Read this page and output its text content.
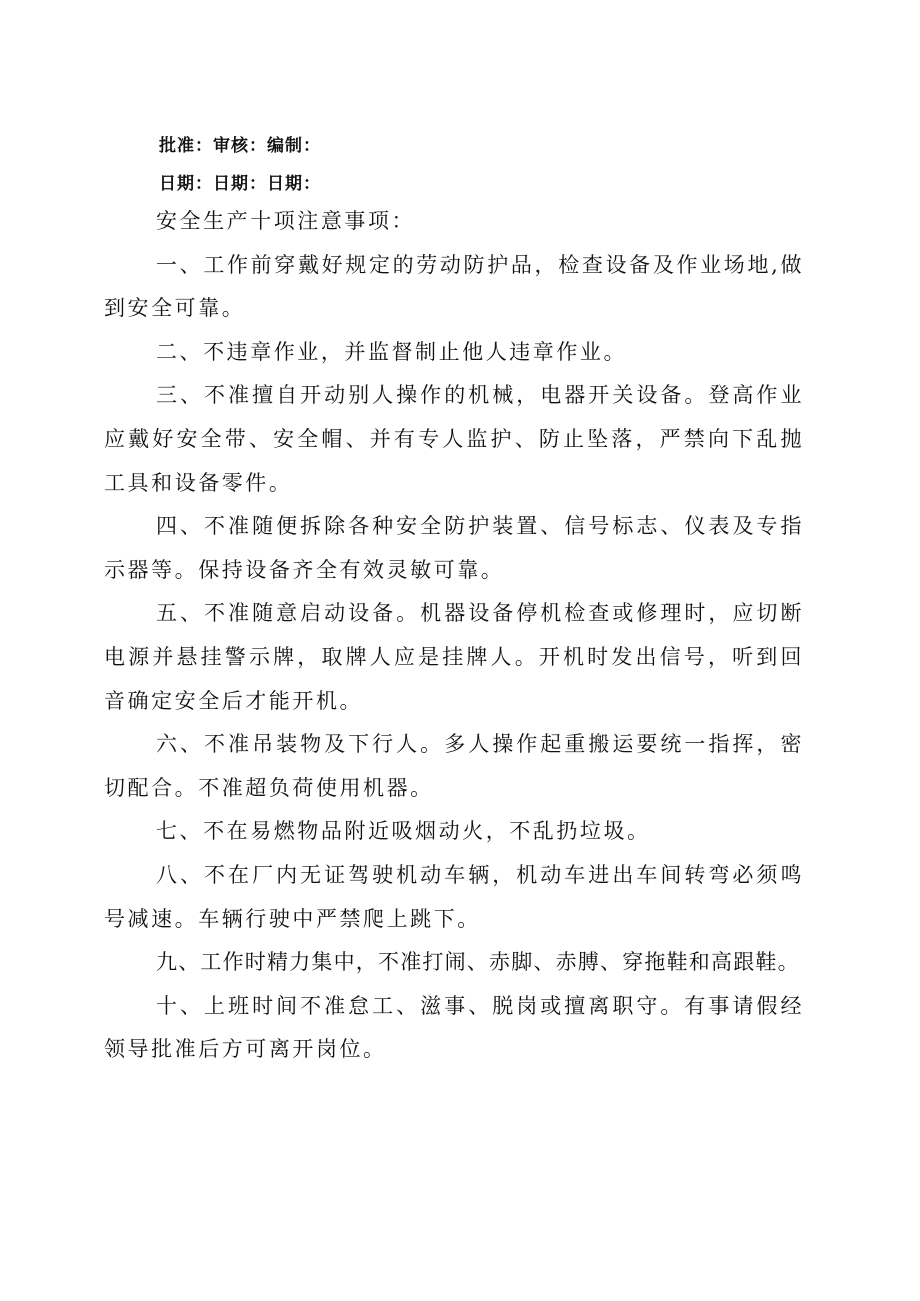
批准：审核：编制：
日期：日期：日期：

安全生产十项注意事项：

一、工作前穿戴好规定的劳动防护品，检查设备及作业场地,做到安全可靠。

二、不违章作业，并监督制止他人违章作业。

三、不准擅自开动别人操作的机械，电器开关设备。登高作业应戴好安全带、安全帽、并有专人监护、防止坠落，严禁向下乱抛工具和设备零件。

四、不准随便拆除各种安全防护装置、信号标志、仪表及专指示器等。保持设备齐全有效灵敏可靠。

五、不准随意启动设备。机器设备停机检查或修理时，应切断电源并悬挂警示牌，取牌人应是挂牌人。开机时发出信号，听到回音确定安全后才能开机。

六、不准吊装物及下行人。多人操作起重搬运要统一指挥，密切配合。不准超负荷使用机器。

七、不在易燃物品附近吸烟动火，不乱扔垃圾。

八、不在厂内无证驾驶机动车辆，机动车进出车间转弯必须鸣号减速。车辆行驶中严禁爬上跳下。

九、工作时精力集中，不准打闹、赤脚、赤膊、穿拖鞋和高跟鞋。

十、上班时间不准怠工、滋事、脱岗或擅离职守。有事请假经领导批准后方可离开岗位。
